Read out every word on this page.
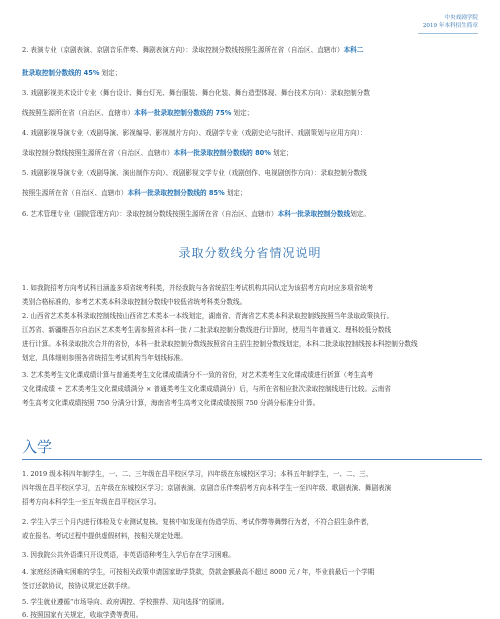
中央戏剧学院
2019 年本科招生简章
2. 表演专业（京剧表演、京剧音乐伴奏、舞剧表演方向）：录取控制分数线按照生源所在省（自治区、直辖市）本科二
批录取控制分数线的 45% 划定；
3. 戏剧影视美术设计专业（舞台设计、舞台灯光、舞台服装、舞台化装、舞台造型体现、舞台技术方向）：录取控制分数
线按照生源所在省（自治区、直辖市）本科一批录取控制分数线的 75% 划定；
4. 戏剧影视导演专业（戏剧导演、影视编导、影视制片方向）、戏剧学专业（戏剧史论与批评、戏剧策划与应用方向）：
录取控制分数线按照生源所在省（自治区、直辖市）本科一批录取控制分数线的 80% 划定；
5. 戏剧影视导演专业（戏剧导演、演出制作方向）、戏剧影视文学专业（戏剧创作、电视剧创作方向）：录取控制分数线
按照生源所在省（自治区、直辖市）本科一批录取控制分数线的 85% 划定；
6. 艺术管理专业（剧院管理方向）：录取控制分数线按照生源所在省（自治区、直辖市）本科一批录取控制分数线划定。
录取分数线分省情况说明
1. 如我院招考方向考试科目涵盖多项省统考科类，并经我院与各省统招生考试机构共同认定为该招考方向对应多项省统考
类别合格标准的，参考艺术类本科录取控制分数线中较低省统考科类分数线。
2. 山西省艺术类本科录取控制线按山西省艺术类本一本线划定，湖南省、青海省艺术类本科录取控制线按照当年录取政策执行。
江苏省、新疆维吾尔自治区艺术类考生需参照省本科一批 / 二批录取控制分数线进行计算时，使用当年普通文、理科较低分数线
进行计算。本科录取批次合并的省份，本科一批录取控制分数线按照省自主招生控制分数线划定，本科二批录取控制线按本科控制分数线
划定，具体细则参照各省统招生考试机构当年划线标准。
3. 艺术类考生文化课成绩计算与普通类考生文化课成绩满分不一致的省份，对艺术类考生文化课成绩进行折算（考生高考
文化课成绩 ÷ 艺术类考生文化课成绩满分 × 普通类考生文化课成绩满分）后，与所在省相应批次录取控制线进行比较。云南省
考生高考文化课成绩按照 750 分满分计算，海南省考生高考文化课成绩按照 750 分满分标准分计算。
入学
1. 2019 级本科四年制学生，一、二、三年级在昌平校区学习，四年级在东城校区学习；本科五年制学生，一、二、三、
四年级在昌平校区学习，五年级在东城校区学习；京剧表演、京剧音乐伴奏招考方向本科学生一至四年级、歌剧表演、舞剧表演
招考方向本科学生一至五年级在昌平校区学习。
2. 学生入学三个月内进行体检及专业测试复核。复核中如发现有伪造学历、考试作弊等舞弊行为者，不符合招生条件者，
或在报名、考试过程中提供虚假材料，按相关规定处理。
3. 因我院公共外语课只开设英语，非英语语种考生入学后存在学习困难。
4. 家庭经济确实困难的学生，可按相关政策申请国家助学贷款，贷款金额最高不超过 8000 元 / 年，毕业前最后一个学期
签订还款协议，按协议规定还款手续。
5. 学生就业遵循“市场导向、政府调控、学校推荐、双向选择”的原则。
6. 按照国家有关规定，收取学费等费用。
